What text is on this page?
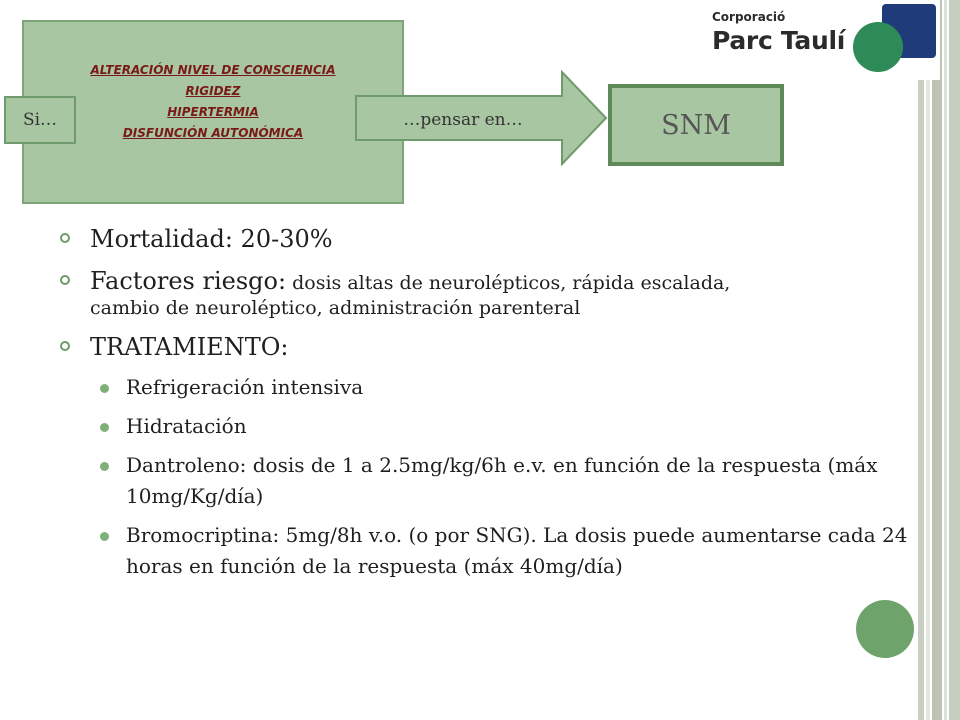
Corporació
Parc Taulí
ALTERACIÓN NIVEL DE CONSCIENCIA
RIGIDEZ
HIPERTERMIA
DISFUNCIÓN AUTONÓMICA
Si…	…pensar en…	SNM
Mortalidad: 20-30%
Factores riesgo: dosis altas de neurolépticos, rápida escalada,
cambio de neuroléptico, administración parenteral
TRATAMIENTO:
Refrigeración intensiva
Hidratación
Dantroleno: dosis de 1 a 2.5mg/kg/6h e.v. en función de la respuesta (máx 10mg/Kg/día)
Bromocriptina: 5mg/8h v.o. (o por SNG). La dosis puede aumentarse cada 24 horas en función de la respuesta (máx 40mg/día)
